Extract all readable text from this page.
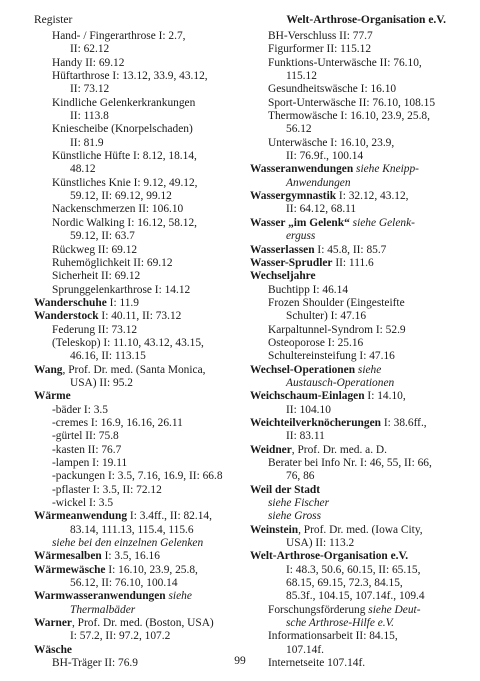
Register	Welt-Arthrose-Organisation e.V.
Hand- / Fingerarthrose I: 2.7,
II: 62.12
Handy II: 69.12
Hüftarthrose I: 13.12, 33.9, 43.12,
II: 73.12
Kindliche Gelenkerkrankungen
II: 113.8
Kniescheibe (Knorpelschaden)
II: 81.9
Künstliche Hüfte I: 8.12, 18.14,
48.12
Künstliches Knie I: 9.12, 49.12,
59.12, II: 69.12, 99.12
Nackenschmerzen II: 106.10
Nordic Walking I: 16.12, 58.12,
59.12, II: 63.7
Rückweg II: 69.12
Ruhemöglichkeit II: 69.12
Sicherheit II: 69.12
Sprunggelenkarthrose I: 14.12
Wanderschuhe I: 11.9
Wanderstock I: 40.11, II: 73.12
Federung II: 73.12
(Teleskop) I: 11.10, 43.12, 43.15,
46.16, II: 113.15
Wang, Prof. Dr. med. (Santa Monica,
USA) II: 95.2
Wärme
-bäder I: 3.5
-cremes I: 16.9, 16.16, 26.11
-gürtel II: 75.8
-kasten II: 76.7
-lampen I: 19.11
-packungen I: 3.5, 7.16, 16.9, II: 66.8
-pflaster I: 3.5, II: 72.12
-wickel I: 3.5
Wärmeanwendung I: 3.4ff., II: 82.14,
83.14, 111.13, 115.4, 115.6
siehe bei den einzelnen Gelenken
Wärmesalben I: 3.5, 16.16
Wärmewäsche I: 16.10, 23.9, 25.8,
56.12, II: 76.10, 100.14
Warmwasseranwendungen siehe
Thermalbäder
Warner, Prof. Dr. med. (Boston, USA)
I: 57.2, II: 97.2, 107.2
Wäsche
BH-Träger II: 76.9
BH-Verschluss II: 77.7
Figurformer II: 115.12
Funktions-Unterwäsche II: 76.10,
115.12
Gesundheitswäsche I: 16.10
Sport-Unterwäsche II: 76.10, 108.15
Thermowäsche I: 16.10, 23.9, 25.8,
56.12
Unterwäsche I: 16.10, 23.9,
II: 76.9f., 100.14
Wasseranwendungen siehe Kneipp-
Anwendungen
Wassergymnastik I: 32.12, 43.12,
II: 64.12, 68.11
Wasser „im Gelenk“ siehe Gelenk-
erguss
Wasserlassen I: 45.8, II: 85.7
Wasser-Sprudler II: 111.6
Wechseljahre
Buchtipp I: 46.14
Frozen Shoulder (Eingesteifte
Schulter) I: 47.16
Karpaltunnel-Syndrom I: 52.9
Osteoporose I: 25.16
Schultereinsteifung I: 47.16
Wechsel-Operationen siehe
Austausch-Operationen
Weichschaum-Einlagen I: 14.10,
II: 104.10
Weichteilverknöcherungen I: 38.6ff.,
II: 83.11
Weidner, Prof. Dr. med. a. D.
Berater bei Info Nr. I: 46, 55, II: 66,
76, 86
Weil der Stadt
siehe Fischer
siehe Gross
Weinstein, Prof. Dr. med. (Iowa City,
USA) II: 113.2
Welt-Arthrose-Organisation e.V.
I: 48.3, 50.6, 60.15, II: 65.15,
68.15, 69.15, 72.3, 84.15,
85.3f., 104.15, 107.14f., 109.4
Forschungsförderung siehe Deut-
sche Arthrose-Hilfe e.V.
Informationsarbeit II: 84.15,
107.14f.
Internetseite 107.14f.
99
